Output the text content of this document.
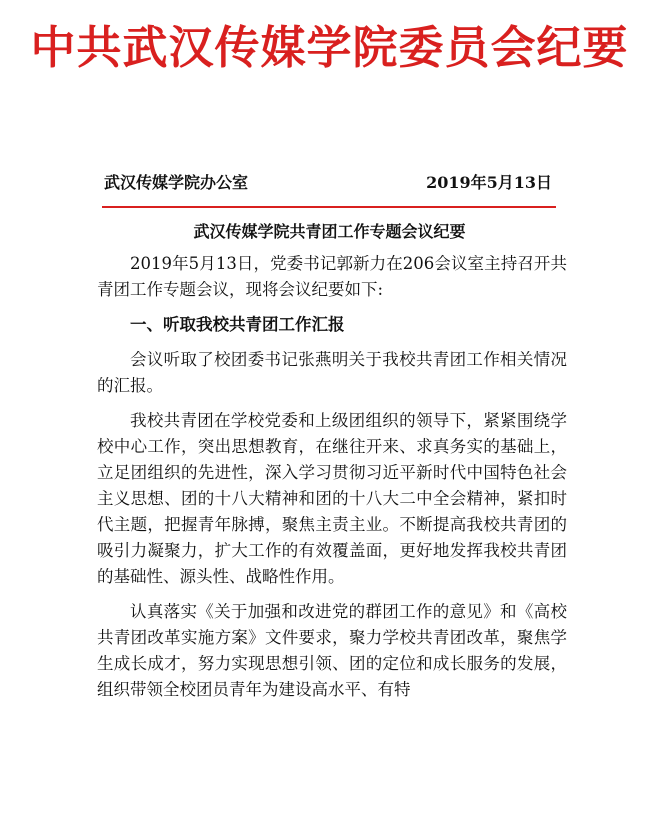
中共武汉传媒学院委员会纪要
武汉传媒学院办公室	2019年5月13日
武汉传媒学院共青团工作专题会议纪要

2019年5月13日，党委书记郭新力在206会议室主持召开共青团工作专题会议，现将会议纪要如下:

一、听取我校共青团工作汇报

会议听取了校团委书记张燕明关于我校共青团工作相关情况的汇报。

我校共青团在学校党委和上级团组织的领导下，紧紧围绕学校中心工作，突出思想教育，在继往开来、求真务实的基础上，立足团组织的先进性，深入学习贯彻习近平新时代中国特色社会主义思想、团的十八大精神和团的十八大二中全会精神，紧扣时代主题，把握青年脉搏，聚焦主责主业。不断提高我校共青团的吸引力凝聚力，扩大工作的有效覆盖面，更好地发挥我校共青团的基础性、源头性、战略性作用。

认真落实《关于加强和改进党的群团工作的意见》和《高校共青团改革实施方案》文件要求，聚力学校共青团改革，聚焦学生成长成才，努力实现思想引领、团的定位和成长服务的发展，组织带领全校团员青年为建设高水平、有特
